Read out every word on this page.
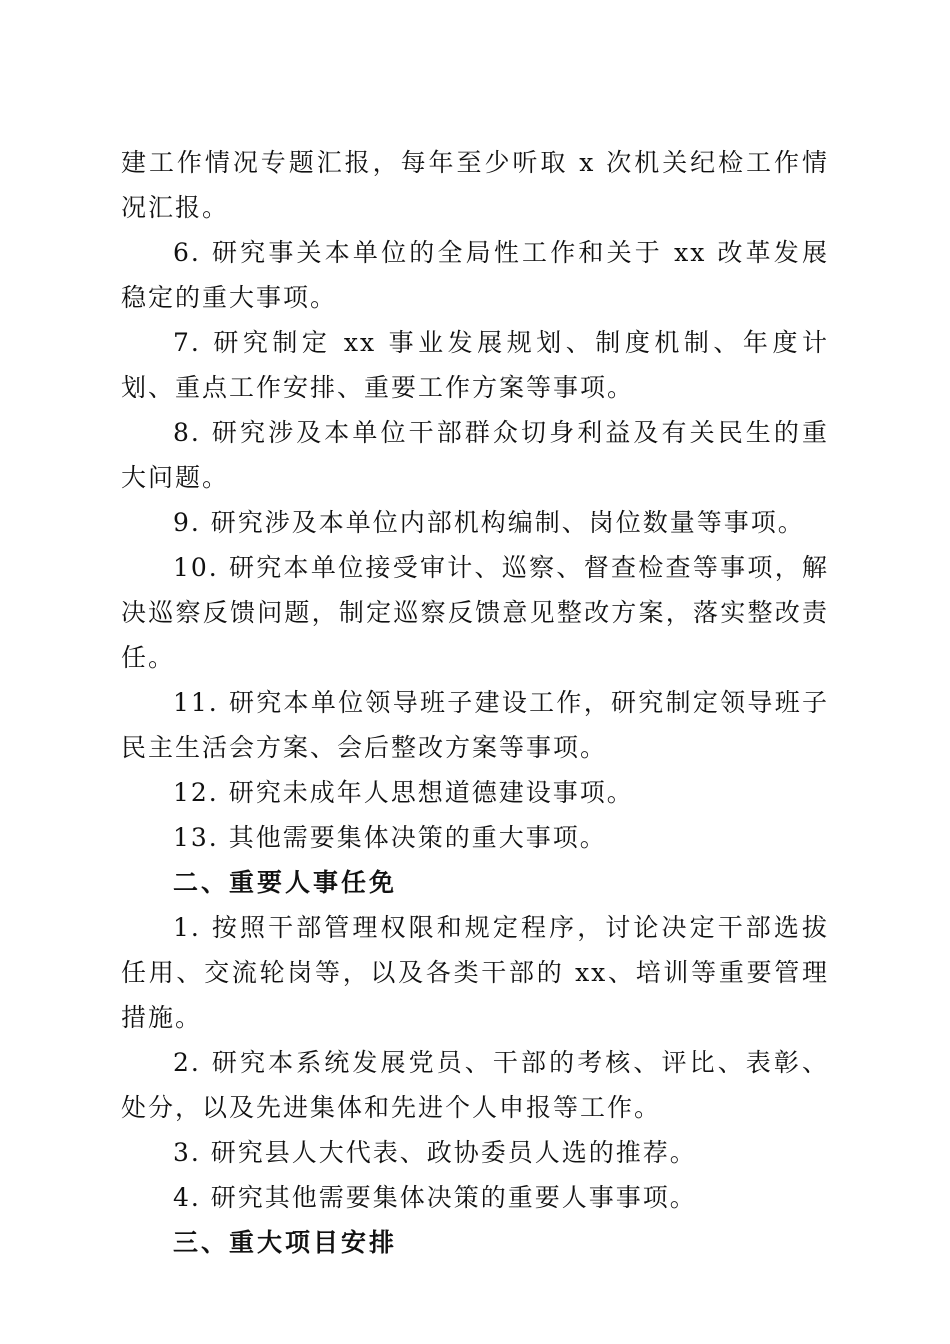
建工作情况专题汇报，每年至少听取 x 次机关纪检工作情况汇报。

6. 研究事关本单位的全局性工作和关于 xx 改革发展稳定的重大事项。

7. 研究制定 xx 事业发展规划、制度机制、年度计划、重点工作安排、重要工作方案等事项。

8. 研究涉及本单位干部群众切身利益及有关民生的重大问题。

9. 研究涉及本单位内部机构编制、岗位数量等事项。

10. 研究本单位接受审计、巡察、督查检查等事项，解决巡察反馈问题，制定巡察反馈意见整改方案，落实整改责任。

11. 研究本单位领导班子建设工作，研究制定领导班子民主生活会方案、会后整改方案等事项。

12. 研究未成年人思想道德建设事项。

13. 其他需要集体决策的重大事项。

二、重要人事任免

1. 按照干部管理权限和规定程序，讨论决定干部选拔任用、交流轮岗等，以及各类干部的 xx、培训等重要管理措施。

2. 研究本系统发展党员、干部的考核、评比、表彰、处分，以及先进集体和先进个人申报等工作。

3. 研究县人大代表、政协委员人选的推荐。

4. 研究其他需要集体决策的重要人事事项。

三、重大项目安排
